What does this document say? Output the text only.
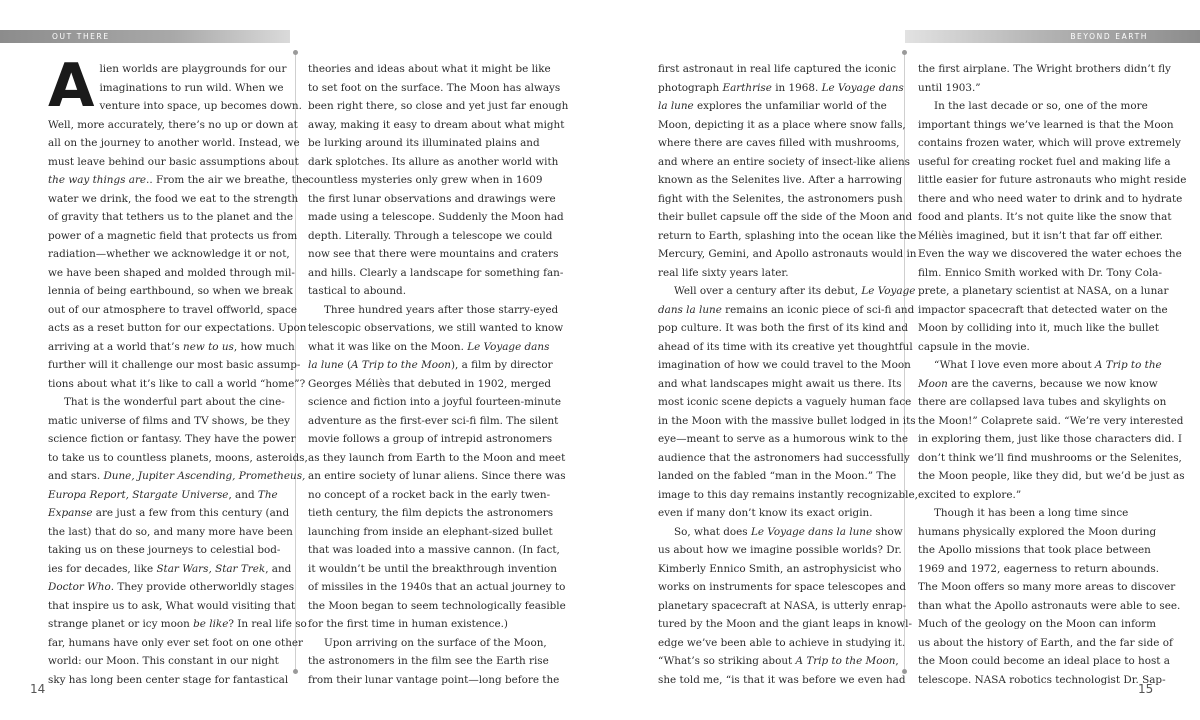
OUT THERE	BEYOND EARTH
A lien worlds are playgrounds for our
imaginations to run wild. When we
venture into space, up becomes down.
Well, more accurately, there’s no up or down at
all on the journey to another world. Instead, we
must leave behind our basic assumptions about
the way things are.. From the air we breathe, the
water we drink, the food we eat to the strength
of gravity that tethers us to the planet and the
power of a magnetic field that protects us from
radiation—whether we acknowledge it or not,
we have been shaped and molded through mil-
lennia of being earthbound, so when we break
out of our atmosphere to travel offworld, space
acts as a reset button for our expectations. Upon
arriving at a world that’s new to us, how much
further will it challenge our most basic assump-
tions about what it’s like to call a world “home”?
That is the wonderful part about the cine-
matic universe of films and TV shows, be they
science fiction or fantasy. They have the power
to take us to countless planets, moons, asteroids,
and stars. Dune, Jupiter Ascending, Prometheus,
Europa Report, Stargate Universe, and The
Expanse are just a few from this century (and
the last) that do so, and many more have been
taking us on these journeys to celestial bod-
ies for decades, like Star Wars, Star Trek, and
Doctor Who. They provide otherworldly stages
that inspire us to ask, What would visiting that
strange planet or icy moon be like? In real life so
far, humans have only ever set foot on one other
world: our Moon. This constant in our night
sky has long been center stage for fantastical
theories and ideas about what it might be like
to set foot on the surface. The Moon has always
been right there, so close and yet just far enough
away, making it easy to dream about what might
be lurking around its illuminated plains and
dark splotches. Its allure as another world with
countless mysteries only grew when in 1609
the first lunar observations and drawings were
made using a telescope. Suddenly the Moon had
depth. Literally. Through a telescope we could
now see that there were mountains and craters
and hills. Clearly a landscape for something fan-
tastical to abound.
Three hundred years after those starry-eyed
telescopic observations, we still wanted to know
what it was like on the Moon. Le Voyage dans
la lune (A Trip to the Moon), a film by director
Georges Méliès that debuted in 1902, merged
science and fiction into a joyful fourteen-minute
adventure as the first-ever sci-fi film. The silent
movie follows a group of intrepid astronomers
as they launch from Earth to the Moon and meet
an entire society of lunar aliens. Since there was
no concept of a rocket back in the early twen-
tieth century, the film depicts the astronomers
launching from inside an elephant-sized bullet
that was loaded into a massive cannon. (In fact,
it wouldn’t be until the breakthrough invention
of missiles in the 1940s that an actual journey to
the Moon began to seem technologically feasible
for the first time in human existence.)
Upon arriving on the surface of the Moon,
the astronomers in the film see the Earth rise
from their lunar vantage point—long before the
first astronaut in real life captured the iconic
photograph Earthrise in 1968. Le Voyage dans
la lune explores the unfamiliar world of the
Moon, depicting it as a place where snow falls,
where there are caves filled with mushrooms,
and where an entire society of insect-like aliens
known as the Selenites live. After a harrowing
fight with the Selenites, the astronomers push
their bullet capsule off the side of the Moon and
return to Earth, splashing into the ocean like the
Mercury, Gemini, and Apollo astronauts would in
real life sixty years later.
Well over a century after its debut, Le Voyage
dans la lune remains an iconic piece of sci-fi and
pop culture. It was both the first of its kind and
ahead of its time with its creative yet thoughtful
imagination of how we could travel to the Moon
and what landscapes might await us there. Its
most iconic scene depicts a vaguely human face
in the Moon with the massive bullet lodged in its
eye—meant to serve as a humorous wink to the
audience that the astronomers had successfully
landed on the fabled “man in the Moon.” The
image to this day remains instantly recognizable,
even if many don’t know its exact origin.
So, what does Le Voyage dans la lune show
us about how we imagine possible worlds? Dr.
Kimberly Ennico Smith, an astrophysicist who
works on instruments for space telescopes and
planetary spacecraft at NASA, is utterly enrap-
tured by the Moon and the giant leaps in knowl-
edge we’ve been able to achieve in studying it.
“What’s so striking about A Trip to the Moon,
she told me, “is that it was before we even had
the first airplane. The Wright brothers didn’t fly
until 1903.”
In the last decade or so, one of the more
important things we’ve learned is that the Moon
contains frozen water, which will prove extremely
useful for creating rocket fuel and making life a
little easier for future astronauts who might reside
there and who need water to drink and to hydrate
food and plants. It’s not quite like the snow that
Méliès imagined, but it isn’t that far off either.
Even the way we discovered the water echoes the
film. Ennico Smith worked with Dr. Tony Cola-
prete, a planetary scientist at NASA, on a lunar
impactor spacecraft that detected water on the
Moon by colliding into it, much like the bullet
capsule in the movie.
“What I love even more about A Trip to the
Moon are the caverns, because we now know
there are collapsed lava tubes and skylights on
the Moon!” Colaprete said. “We’re very interested
in exploring them, just like those characters did. I
don’t think we’ll find mushrooms or the Selenites,
the Moon people, like they did, but we’d be just as
excited to explore.”
Though it has been a long time since
humans physically explored the Moon during
the Apollo missions that took place between
1969 and 1972, eagerness to return abounds.
The Moon offers so many more areas to discover
than what the Apollo astronauts were able to see.
Much of the geology on the Moon can inform
us about the history of Earth, and the far side of
the Moon could become an ideal place to host a
telescope. NASA robotics technologist Dr. Sap-
14	15
